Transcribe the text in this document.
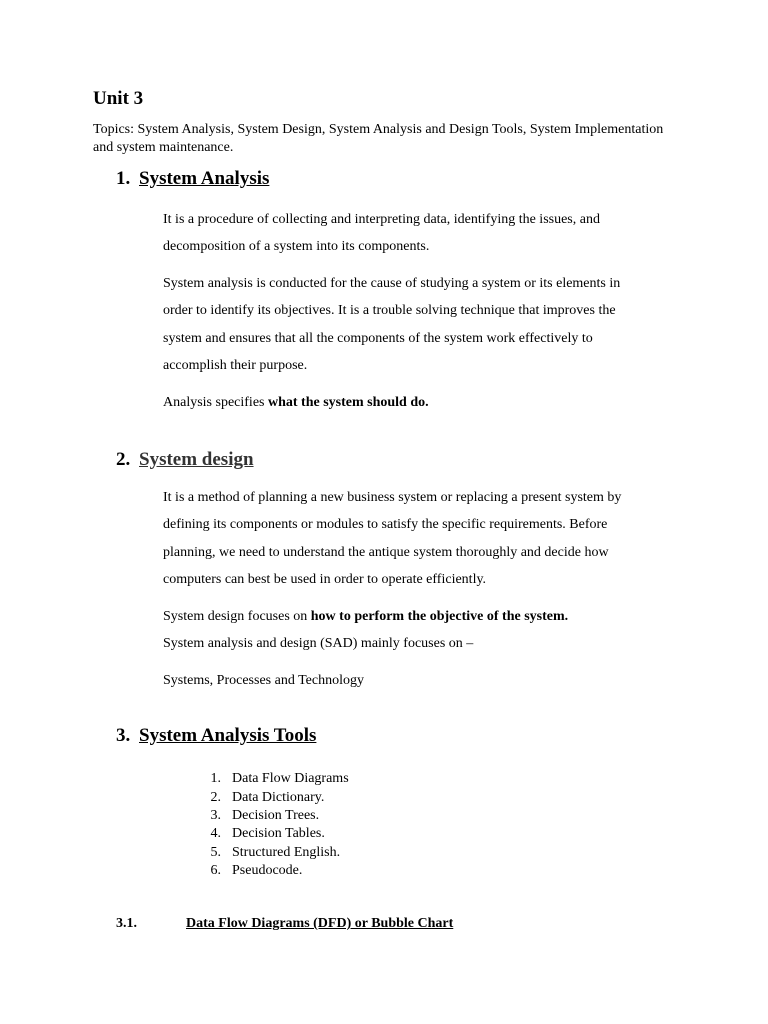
Unit 3
Topics: System Analysis, System Design, System Analysis and Design Tools, System Implementation and system maintenance.
1. System Analysis
It is a procedure of collecting and interpreting data, identifying the issues, and
decomposition of a system into its components.
System analysis is conducted for the cause of studying a system or its elements in
order to identify its objectives. It is a trouble solving technique that improves the
system and ensures that all the components of the system work effectively to
accomplish their purpose.
Analysis specifies what the system should do.
2. System design
It is a method of planning a new business system or replacing a present system by
defining its components or modules to satisfy the specific requirements. Before
planning, we need to understand the antique system thoroughly and decide how
computers can best be used in order to operate efficiently.
System design focuses on how to perform the objective of the system.
System analysis and design (SAD) mainly focuses on –
Systems, Processes and Technology
3. System Analysis Tools
1. Data Flow Diagrams
2. Data Dictionary.
3. Decision Trees.
4. Decision Tables.
5. Structured English.
6. Pseudocode.
3.1.	Data Flow Diagrams (DFD) or Bubble Chart
